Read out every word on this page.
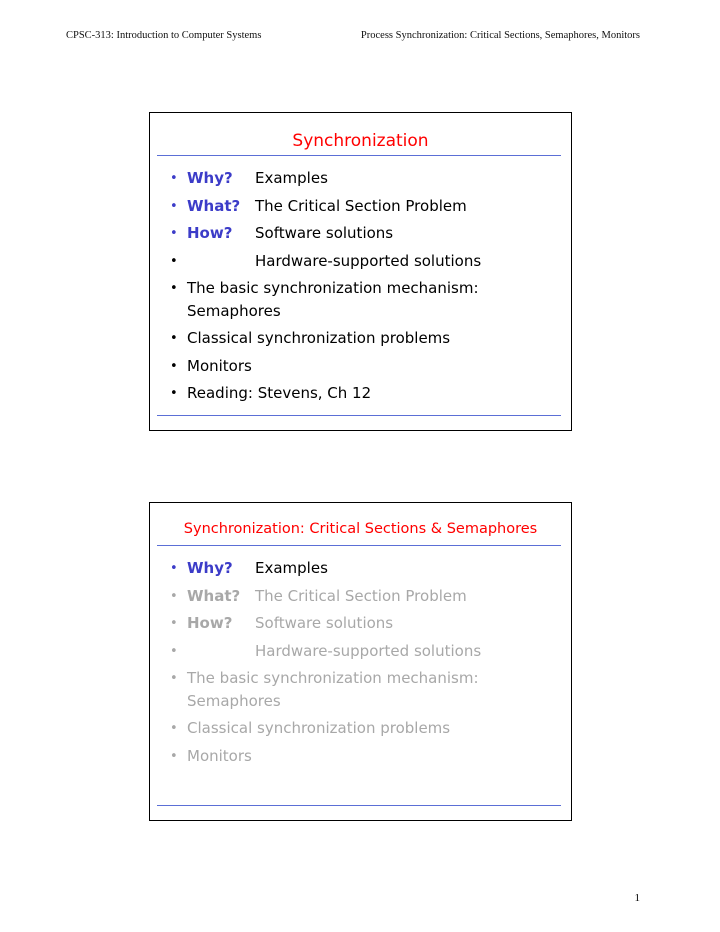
CPSC-313: Introduction to Computer Systems	Process Synchronization: Critical Sections, Semaphores, Monitors
Synchronization
• Why? Examples
• What? The Critical Section Problem
• How? Software solutions
•	Hardware-supported solutions
• The basic synchronization mechanism: Semaphores
• Classical synchronization problems
• Monitors
• Reading: Stevens, Ch 12
Synchronization: Critical Sections & Semaphores
• Why? Examples
• What? The Critical Section Problem
• How? Software solutions
•	Hardware-supported solutions
• The basic synchronization mechanism: Semaphores
• Classical synchronization problems
• Monitors
1
